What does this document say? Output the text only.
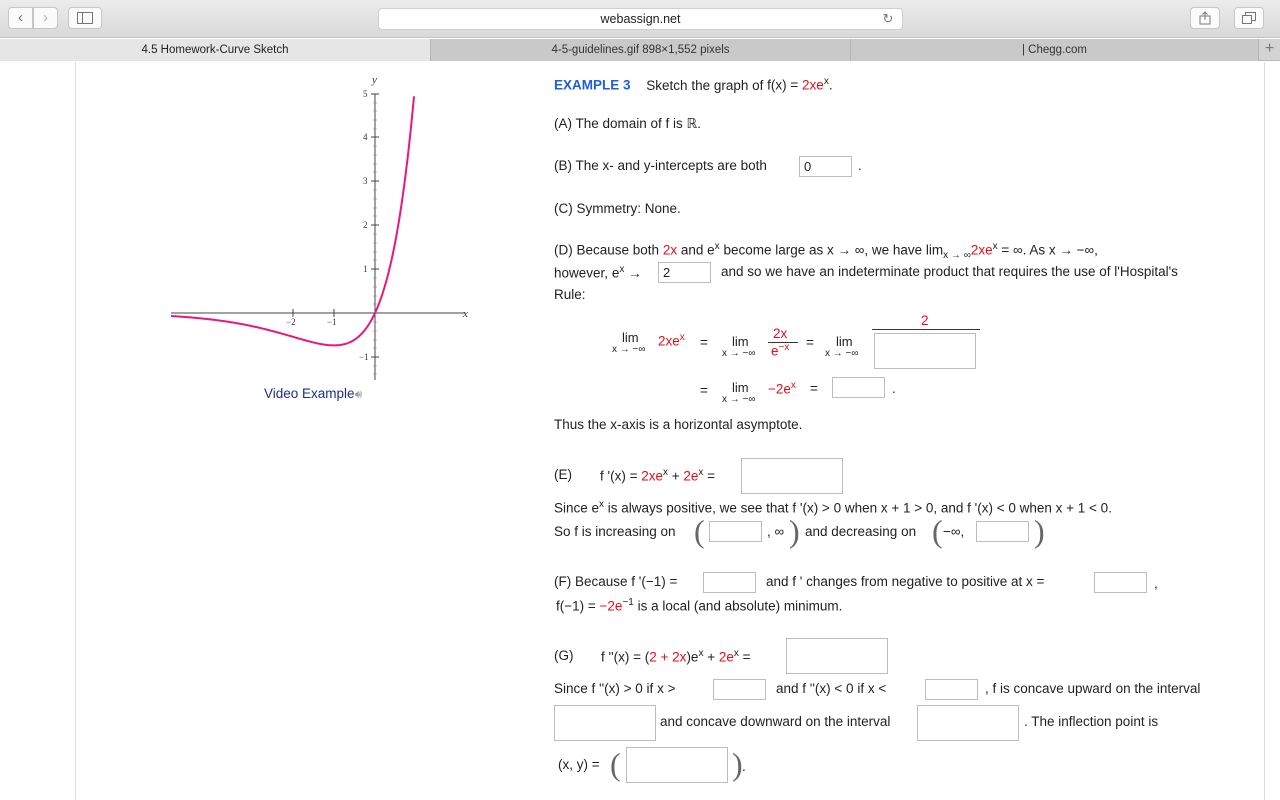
‹	›	webassign.net	↻
4.5 Homework-Curve Sketch	4-5-guidelines.gif 898×1,552 pixels	| Chegg.com	+
y
5
4
3
2
1
−1
−2	−1
x
Video Example🔊︎
EXAMPLE 3 Sketch the graph of $f(x) = 2xe^x$.
(A) The domain of f is ℝ.
(B) The x- and y-intercepts are both	0	.
(C) Symmetry: None.
(D) Because both 2x and $e^x$ become large as x → ∞, we have $\lim_{x \to \infty}2xe^x$ = ∞. As x → −∞,
however, $e^x$ →	2	and so we have an indeterminate product that requires the use of l'Hospital's
Rule:
lim
x → −∞
$2xe^x = \lim$
x → −∞
2x
$e^{-x} = \lim$
x → −∞
2
= lim
x → −∞
$-2e^x$ =	.
Thus the x-axis is a horizontal asymptote.
(E) f '$(x) = 2xe^x + 2e^x$ =
Since $e^x$ is always positive, we see that f '(x) > 0 when x + 1 > 0, and f '(x) < 0 when x + 1 < 0.
So f is increasing on (	, ∞ ) and decreasing on ( −∞, )
(F) Because f '(−1) =	and f ' changes from negative to positive at x =	,
$f(-1) = -2e^{-1}$ is a local (and absolute) minimum.
(G) f ''$(x) = (2 + 2x)e^x + 2e^x$ =
Since f ''(x) > 0 if x >	and f ''(x) < 0 if x <	, f is concave upward on the interval
and concave downward on the interval	. The inflection point is
(x, y) = (	) .
